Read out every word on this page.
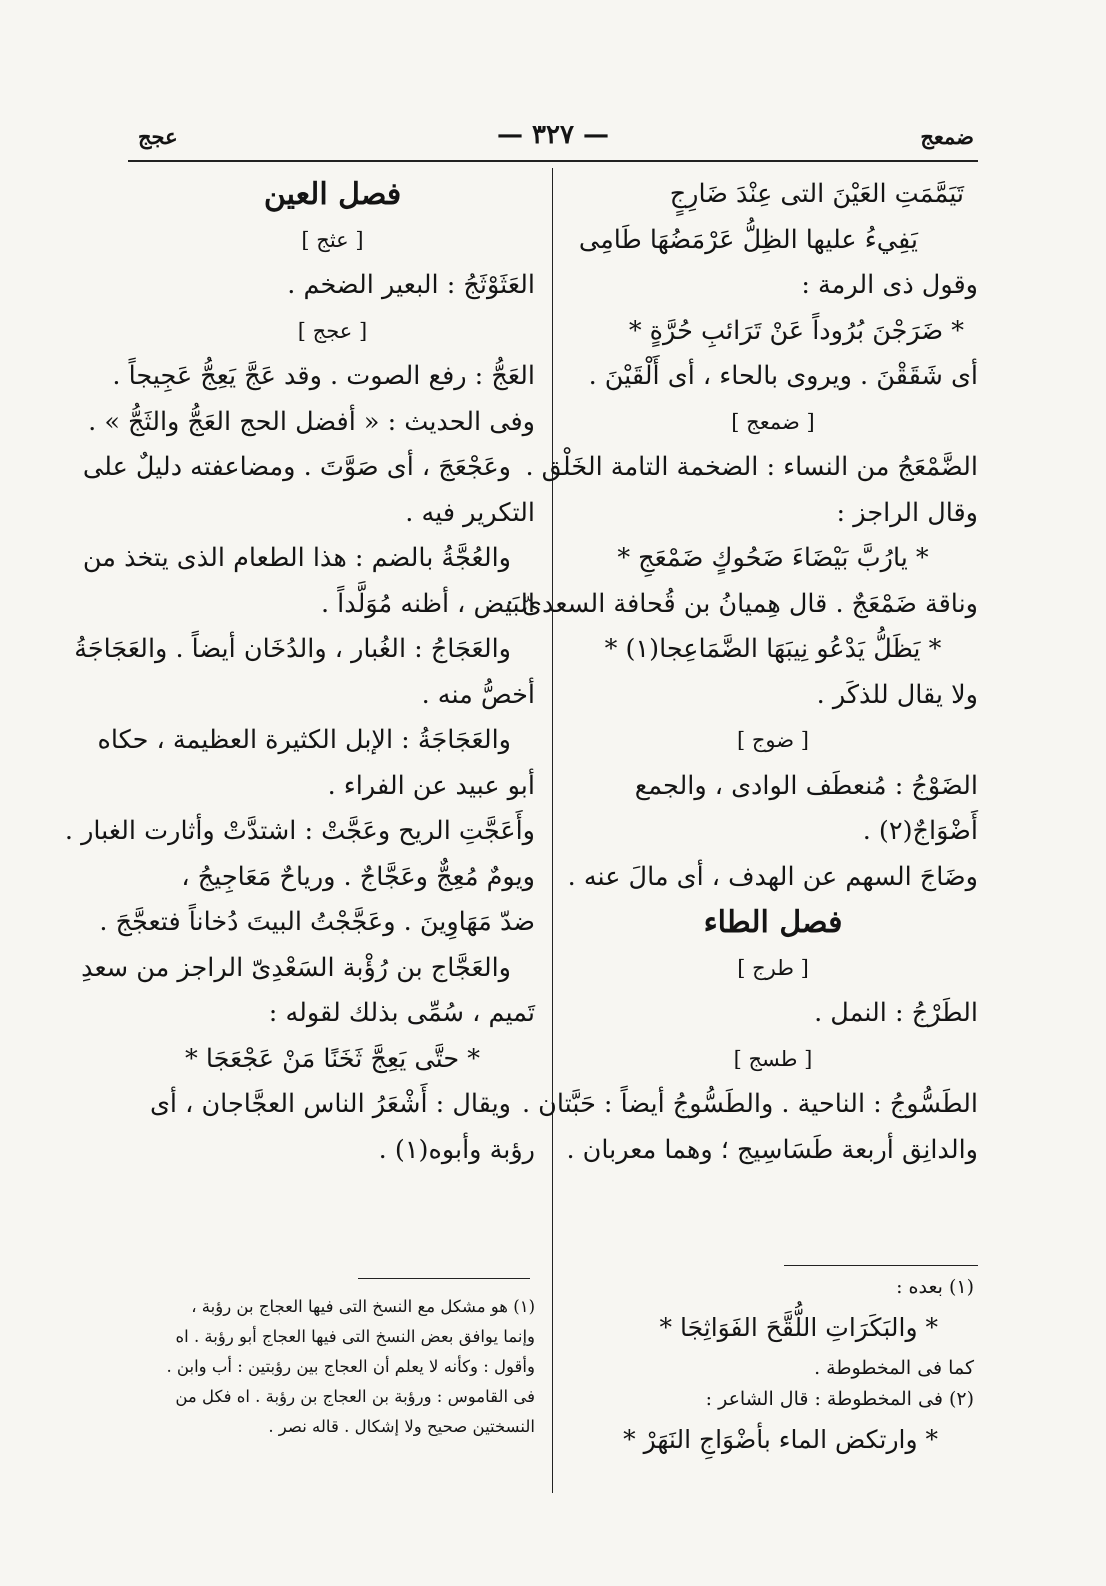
ضمعج
— ٣٢٧ —
عجج

تَيَمَّمَتِ العَيْنَ التى عِنْدَ ضَارِجٍ

يَفِيءُ عليها الظِلُّ عَرْمَضُهَا طَامِى

وقول ذى الرمة :

* ضَرَجْنَ بُرُوداً عَنْ تَرَائبِ حُرَّةٍ *

أى شَقَقْنَ . ويروى بالحاء ، أى أَلْقَيْنَ .

[ ضمعج ]

الضَّمْعَجُ من النساء : الضخمة التامة الخَلْق .

وقال الراجز :

* يارُبَّ بَيْضَاءَ ضَحُوكٍ ضَمْعَجِ *

وناقة ضَمْعَجٌ . قال هِميانُ بن قُحافة السعدىّ :

* يَظَلُّ يَدْعُو نِيبَهَا الضَّمَاعِجا(١) *

ولا يقال للذكَر .

[ ضوج ]

الضَوْجُ : مُنعطَف الوادى ، والجمع

أَضْوَاجٌ(٢) .

وضَاجَ السهم عن الهدف ، أى مالَ عنه .

فصل الطاء

[ طرج ]

الطَرْجُ : النمل .

[ طسج ]

الطَسُّوجُ : الناحية . والطَسُّوجُ أيضاً : حَبَّتان .

والدانِق أربعة طَسَاسِيج ؛ وهما معربان .

فصل العين

[ عثج ]

العَثَوْثَجُ : البعير الضخم .

[ عجج ]

العَجُّ : رفع الصوت . وقد عَجَّ يَعِجُّ عَجِيجاً .

وفى الحديث : « أفضل الحج العَجُّ والثَجُّ » .

وعَجْعَجَ ، أى صَوَّتَ . ومضاعفته دليلٌ على

التكرير فيه .

والعُجَّةُ بالضم : هذا الطعام الذى يتخذ من

البَيض ، أظنه مُوَلَّداً .

والعَجَاجُ : الغُبار ، والدُخَان أيضاً . والعَجَاجَةُ

أخصُّ منه .

والعَجَاجَةُ : الإبل الكثيرة العظيمة ، حكاه

أبو عبيد عن الفراء .

وأَعَجَّتِ الريح وعَجَّتْ : اشتدَّتْ وأثارت الغبار .

ويومٌ مُعِجٌّ وعَجَّاجٌ . ورياحٌ مَعَاجِيجُ ،

ضدّ مَهَاوِينَ . وعَجَّجْتُ البيتَ دُخاناً فتعجَّجَ .

والعَجَّاج بن رُؤْبة السَعْدِىّ الراجز من سعدِ

تَميم ، سُمِّى بذلك لقوله :

* حتَّى يَعِجَّ ثَخَنًا مَنْ عَجْعَجَا *

ويقال : أَشْعَرُ الناس العجَّاجان ، أى

رؤبة وأبوه(١) .

(١) هو مشكل مع النسخ التى فيها العجاج بن رؤبة ،

وإنما يوافق بعض النسخ التى فيها العجاج أبو رؤبة . اه

وأقول : وكأنه لا يعلم أن العجاج بين رؤبتين : أب وابن .

فى القاموس : ورؤبة بن العجاج بن رؤبة . اه فكل من

النسختين صحيح ولا إشكال . قاله نصر .

(١) بعده :

* والبَكَرَاتِ اللُّقَّحَ الفَوَاثِجَا *

كما فى المخطوطة .

(٢) فى المخطوطة : قال الشاعر :

* وارتكض الماء بأضْوَاجِ النَهَرْ *
